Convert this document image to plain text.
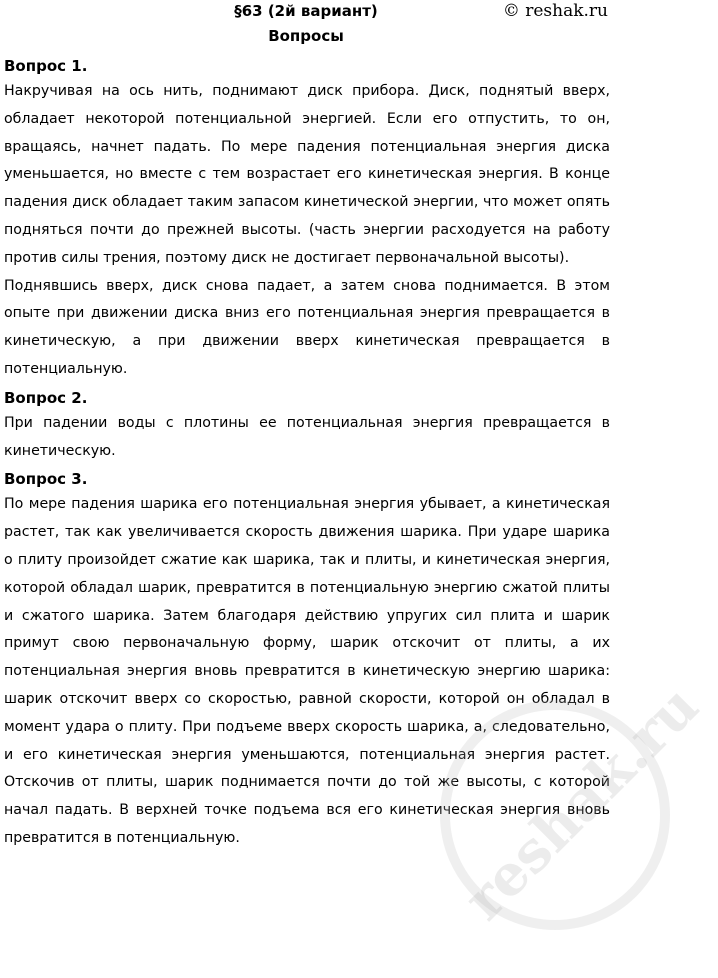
§63 (2й вариант)	© reshak.ru
Вопросы
Вопрос 1.

Накручивая на ось нить, поднимают диск прибора. Диск, поднятый вверх, обладает некоторой потенциальной энергией. Если его отпустить, то он, вращаясь, начнет падать. По мере падения потенциальная энергия диска уменьшается, но вместе с тем возрастает его кинетическая энергия. В конце падения диск обладает таким запасом кинетической энергии, что может опять подняться почти до прежней высоты. (часть энергии расходуется на работу против силы трения, поэтому диск не достигает первоначальной высоты).

Поднявшись вверх, диск снова падает, а затем снова поднимается. В этом опыте при движении диска вниз его потенциальная энергия превращается в кинетическую, а при движении вверх кинетическая превращается в потенциальную.

Вопрос 2.

При падении воды с плотины ее потенциальная энергия превращается в кинетическую.

Вопрос 3.

По мере падения шарика его потенциальная энергия убывает, а кинетическая растет, так как увеличивается скорость движения шарика. При ударе шарика о плиту произойдет сжатие как шарика, так и плиты, и кинетическая энергия, которой обладал шарик, превратится в потенциальную энергию сжатой плиты и сжатого шарика. Затем благодаря действию упругих сил плита и шарик примут свою первоначальную форму, шарик отскочит от плиты, а их потенциальная энергия вновь превратится в кинетическую энергию шарика: шарик отскочит вверх со скоростью, равной скорости, которой он обладал в момент удара о плиту. При подъеме вверх скорость шарика, а, следовательно, и его кинетическая энергия уменьшаются, потенциальная энергия растет. Отскочив от плиты, шарик поднимается почти до той же высоты, с которой начал падать. В верхней точке подъема вся его кинетическая энергия вновь превратится в потенциальную.	reshak.ru
